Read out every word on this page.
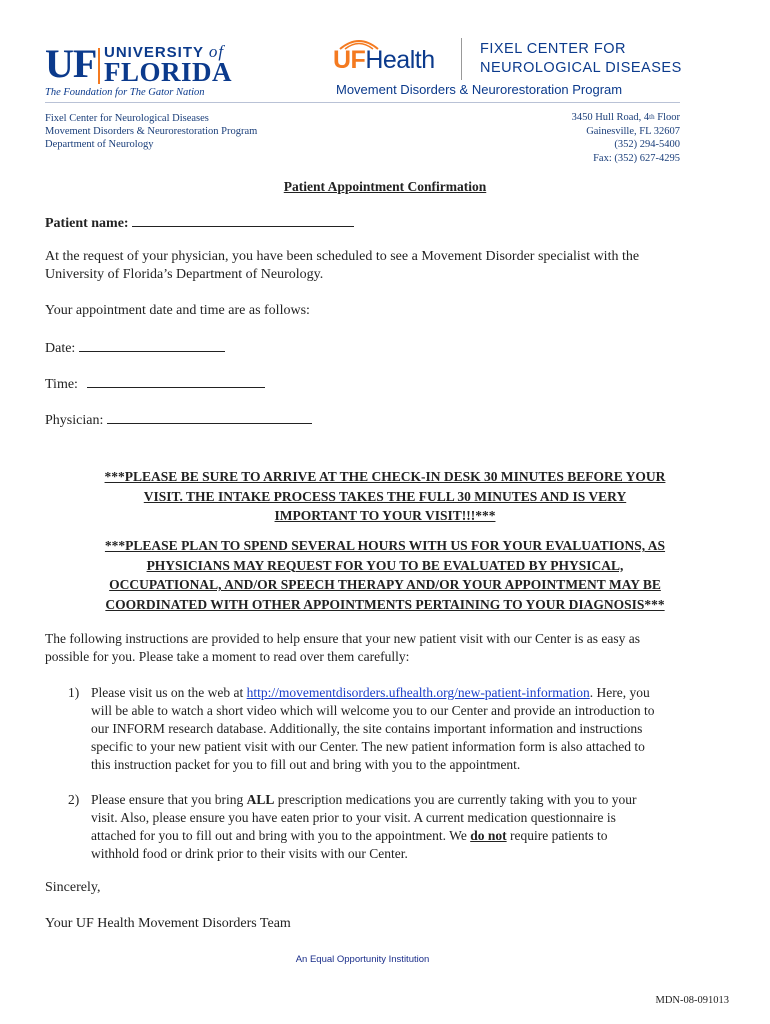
UF UNIVERSITY of
FLORIDA
The Foundation for The Gator Nation
UFHealth	FIXEL CENTER FOR
NEUROLOGICAL DISEASES
Movement Disorders & Neurorestoration Program
Fixel Center for Neurological Diseases
Movement Disorders & Neurorestoration Program
Department of Neurology
3450 Hull Road, 4th Floor
Gainesville, FL 32607
(352) 294-5400
Fax: (352) 627-4295
Patient Appointment Confirmation
Patient name:
At the request of your physician, you have been scheduled to see a Movement Disorder specialist with the
University of Florida’s Department of Neurology.
Your appointment date and time are as follows:
Date:
Time:
Physician:
***PLEASE BE SURE TO ARRIVE AT THE CHECK-IN DESK 30 MINUTES BEFORE YOUR
VISIT. THE INTAKE PROCESS TAKES THE FULL 30 MINUTES AND IS VERY
IMPORTANT TO YOUR VISIT!!!***
***PLEASE PLAN TO SPEND SEVERAL HOURS WITH US FOR YOUR EVALUATIONS, AS
PHYSICIANS MAY REQUEST FOR YOU TO BE EVALUATED BY PHYSICAL,
OCCUPATIONAL, AND/OR SPEECH THERAPY AND/OR YOUR APPOINTMENT MAY BE
COORDINATED WITH OTHER APPOINTMENTS PERTAINING TO YOUR DIAGNOSIS***
The following instructions are provided to help ensure that your new patient visit with our Center is as easy as
possible for you. Please take a moment to read over them carefully:
1) Please visit us on the web at http://movementdisorders.ufhealth.org/new-patient-information. Here, you
will be able to watch a short video which will welcome you to our Center and provide an introduction to
our INFORM research database. Additionally, the site contains important information and instructions
specific to your new patient visit with our Center. The new patient information form is also attached to
this instruction packet for you to fill out and bring with you to the appointment.
2) Please ensure that you bring ALL prescription medications you are currently taking with you to your
visit. Also, please ensure you have eaten prior to your visit. A current medication questionnaire is
attached for you to fill out and bring with you to the appointment. We do not require patients to
withhold food or drink prior to their visits with our Center.
Sincerely,
Your UF Health Movement Disorders Team
An Equal Opportunity Institution
MDN-08-091013
